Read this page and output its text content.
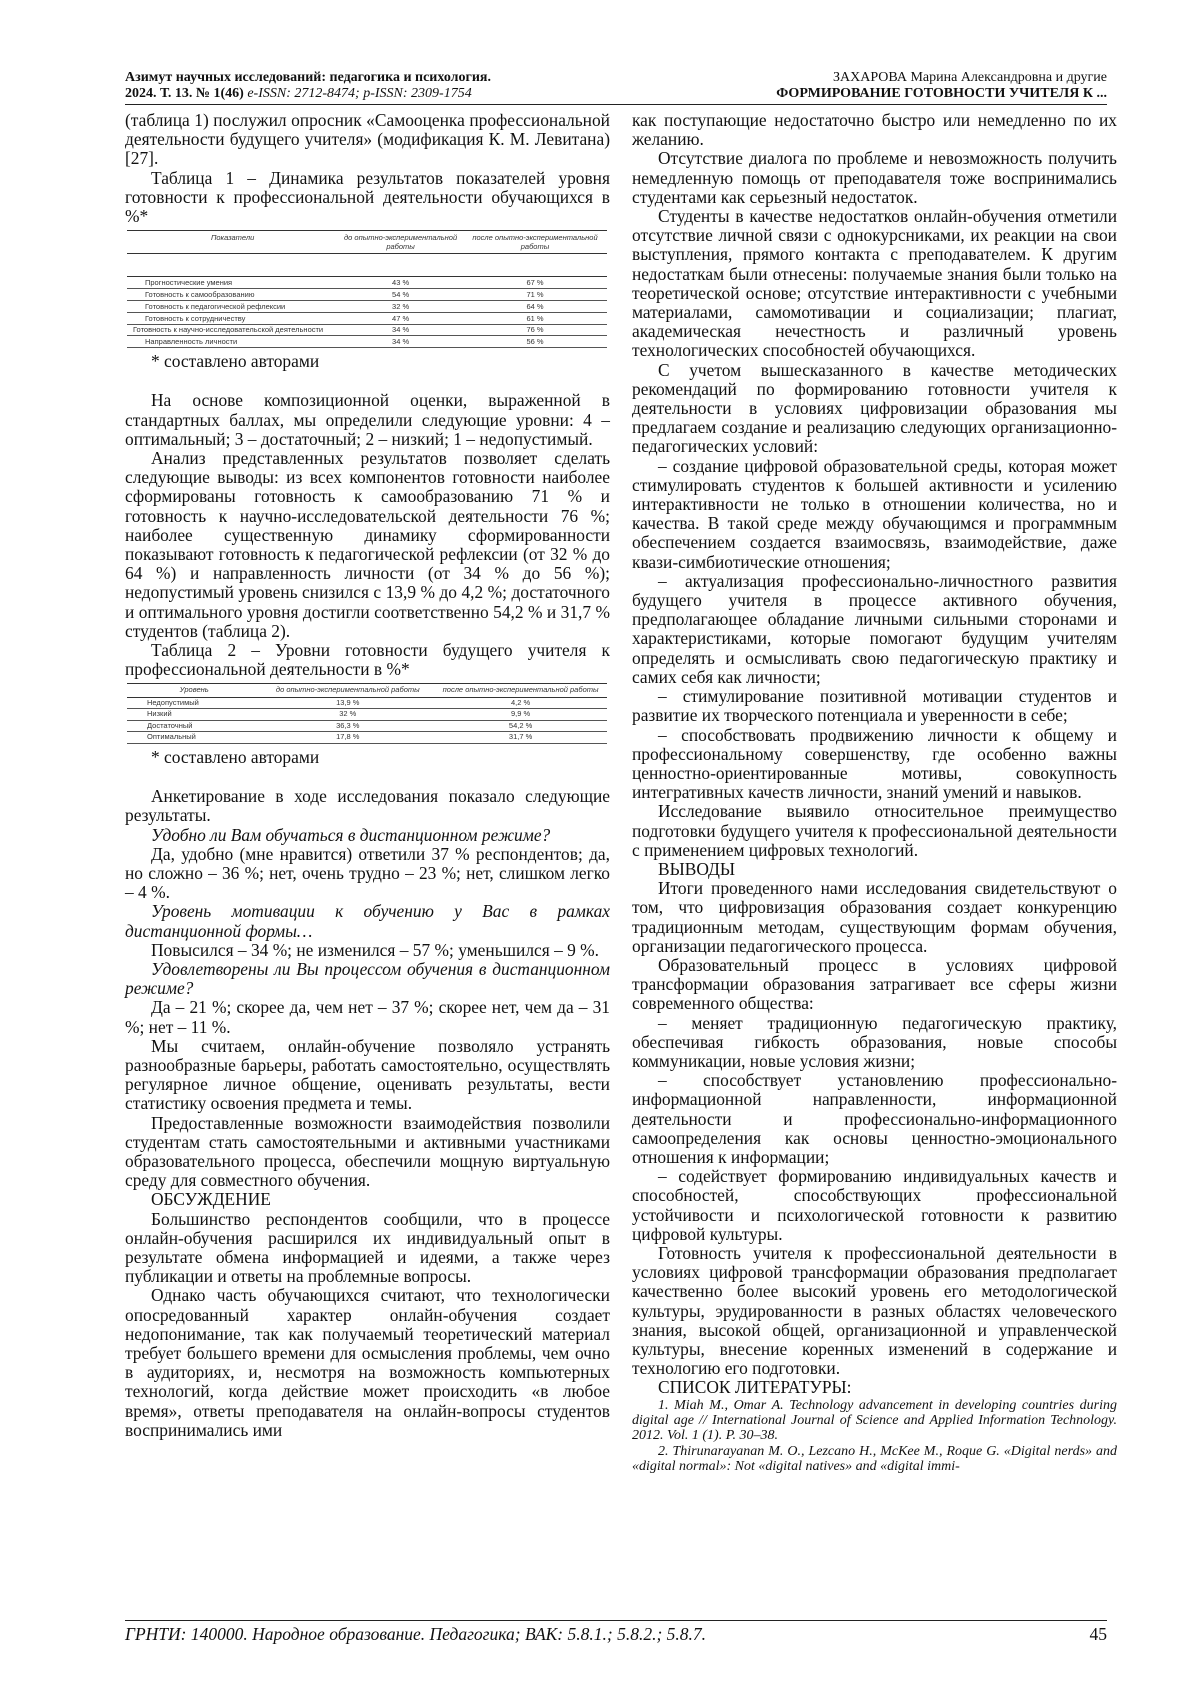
Азимут научных исследований: педагогика и психология.
2024. Т. 13. № 1(46) e-ISSN: 2712-8474; p-ISSN: 2309-1754
ЗАХАРОВА Марина Александровна и другие
ФОРМИРОВАНИЕ ГОТОВНОСТИ УЧИТЕЛЯ К ...

(таблица 1) послужил опросник «Самооценка профессиональной деятельности будущего учителя» (модификация К. М. Левитана) [27].

Таблица 1 – Динамика результатов показателей уровня готовности к профессиональной деятельности обучающихся в %*

Показатели	до опытно-экспериментальной работы	после опытно-экспериментальной работы

Прогностические умения	43 %	67 %
Готовность к самообразованию	54 %	71 %
Готовность к педагогической рефлексии	32 %	64 %
Готовность к сотрудничеству	47 %	61 %
Готовность к научно-исследовательской деятельности	34 %	76 %
Направленность личности	34 %	56 %

* составлено авторами

На основе композиционной оценки, выраженной в стандартных баллах, мы определили следующие уровни: 4 – оптимальный; 3 – достаточный; 2 – низкий; 1 – недопустимый.

Анализ представленных результатов позволяет сделать следующие выводы: из всех компонентов готовности наиболее сформированы готовность к самообразованию 71 % и готовность к научно-исследовательской деятельности 76 %; наиболее существенную динамику сформированности показывают готовность к педагогической рефлексии (от 32 % до 64 %) и направленность личности (от 34 % до 56 %); недопустимый уровень снизился с 13,9 % до 4,2 %; достаточного и оптимального уровня достигли соответственно 54,2 % и 31,7 % студентов (таблица 2).

Таблица 2 – Уровни готовности будущего учителя к профессиональной деятельности в %*

Уровень	до опытно-экспериментальной работы	после опытно-экспериментальной работы
Недопустимый	13,9 %	4,2 %
Низкий	32 %	9,9 %
Достаточный	36,3 %	54,2 %
Оптимальный	17,8 %	31,7 %

* составлено авторами

Анкетирование в ходе исследования показало следующие результаты.

Удобно ли Вам обучаться в дистанционном режиме?

Да, удобно (мне нравится) ответили 37 % респондентов; да, но сложно – 36 %; нет, очень трудно – 23 %; нет, слишком легко – 4 %.

Уровень мотивации к обучению у Вас в рамках дистанционной формы…

Повысился – 34 %; не изменился – 57 %; уменьшился – 9 %.

Удовлетворены ли Вы процессом обучения в дистанционном режиме?

Да – 21 %; скорее да, чем нет – 37 %; скорее нет, чем да – 31 %; нет – 11 %.

Мы считаем, онлайн-обучение позволяло устранять разнообразные барьеры, работать самостоятельно, осуществлять регулярное личное общение, оценивать результаты, вести статистику освоения предмета и темы.

Предоставленные возможности взаимодействия позволили студентам стать самостоятельными и активными участниками образовательного процесса, обеспечили мощную виртуальную среду для совместного обучения.

ОБСУЖДЕНИЕ

Большинство респондентов сообщили, что в процессе онлайн-обучения расширился их индивидуальный опыт в результате обмена информацией и идеями, а также через публикации и ответы на проблемные вопросы.

Однако часть обучающихся считают, что технологически опосредованный характер онлайн-обучения создает недопонимание, так как получаемый теоретический материал требует большего времени для осмысления проблемы, чем очно в аудиториях, и, несмотря на возможность компьютерных технологий, когда действие может происходить «в любое время», ответы преподавателя на онлайн-вопросы студентов воспринимались ими

как поступающие недостаточно быстро или немедленно по их желанию.

Отсутствие диалога по проблеме и невозможность получить немедленную помощь от преподавателя тоже воспринимались студентами как серьезный недостаток.

Студенты в качестве недостатков онлайн-обучения отметили отсутствие личной связи с однокурсниками, их реакции на свои выступления, прямого контакта с преподавателем. К другим недостаткам были отнесены: получаемые знания были только на теоретической основе; отсутствие интерактивности с учебными материалами, самомотивации и социализации; плагиат, академическая нечестность и различный уровень технологических способностей обучающихся.

С учетом вышесказанного в качестве методических рекомендаций по формированию готовности учителя к деятельности в условиях цифровизации образования мы предлагаем создание и реализацию следующих организационно-педагогических условий:

– создание цифровой образовательной среды, которая может стимулировать студентов к большей активности и усилению интерактивности не только в отношении количества, но и качества. В такой среде между обучающимся и программным обеспечением создается взаимосвязь, взаимодействие, даже квази-симбиотические отношения;

– актуализация профессионально-личностного развития будущего учителя в процессе активного обучения, предполагающее обладание личными сильными сторонами и характеристиками, которые помогают будущим учителям определять и осмысливать свою педагогическую практику и самих себя как личности;

– стимулирование позитивной мотивации студентов и развитие их творческого потенциала и уверенности в себе;

– способствовать продвижению личности к общему и профессиональному совершенству, где особенно важны ценностно-ориентированные мотивы, совокупность интегративных качеств личности, знаний умений и навыков.

Исследование выявило относительное преимущество подготовки будущего учителя к профессиональной деятельности с применением цифровых технологий.

ВЫВОДЫ

Итоги проведенного нами исследования свидетельствуют о том, что цифровизация образования создает конкуренцию традиционным методам, существующим формам обучения, организации педагогического процесса.

Образовательный процесс в условиях цифровой трансформации образования затрагивает все сферы жизни современного общества:

– меняет традиционную педагогическую практику, обеспечивая гибкость образования, новые способы коммуникации, новые условия жизни;

– способствует установлению профессионально-информационной направленности, информационной деятельности и профессионально-информационного самоопределения как основы ценностно-эмоционального отношения к информации;

– содействует формированию индивидуальных качеств и способностей, способствующих профессиональной устойчивости и психологической готовности к развитию цифровой культуры.

Готовность учителя к профессиональной деятельности в условиях цифровой трансформации образования предполагает качественно более высокий уровень его методологической культуры, эрудированности в разных областях человеческого знания, высокой общей, организационной и управленческой культуры, внесение коренных изменений в содержание и технологию его подготовки.

СПИСОК ЛИТЕРАТУРЫ:

1. Miah M., Omar A. Technology advancement in developing countries during digital age // International Journal of Science and Applied Information Technology. 2012. Vol. 1 (1). P. 30–38.

2. Thirunarayanan M. O., Lezcano H., McKee M., Roque G. «Digital nerds» and «digital normal»: Not «digital natives» and «digital immi-

ГРНТИ: 140000. Народное образование. Педагогика; ВАК: 5.8.1.; 5.8.2.; 5.8.7.	45
